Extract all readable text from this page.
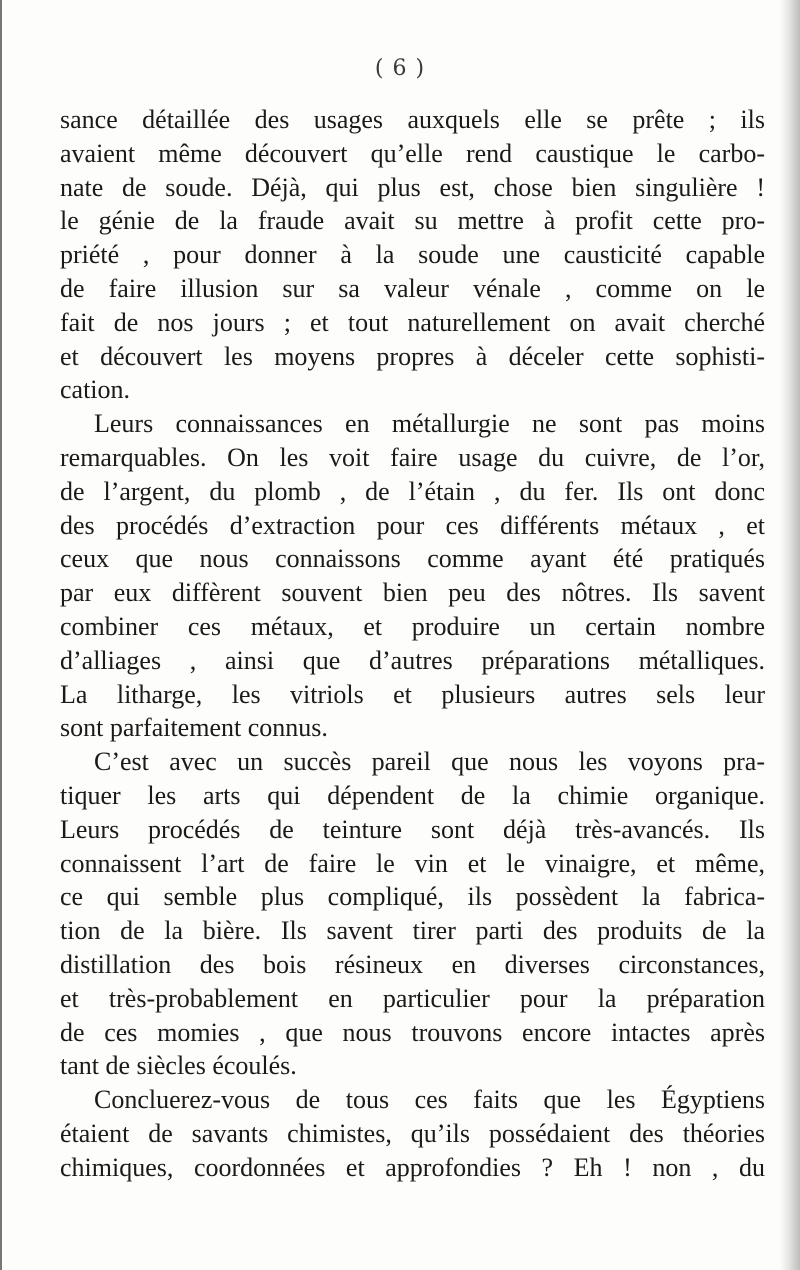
( 6 )
sance détaillée des usages auxquels elle se prête ; ils
avaient même découvert qu’elle rend caustique le carbo-
nate de soude. Déjà, qui plus est, chose bien singulière !
le génie de la fraude avait su mettre à profit cette pro-
priété , pour donner à la soude une causticité capable
de faire illusion sur sa valeur vénale , comme on le
fait de nos jours ; et tout naturellement on avait cherché
et découvert les moyens propres à déceler cette sophisti-
cation.
Leurs connaissances en métallurgie ne sont pas moins
remarquables. On les voit faire usage du cuivre, de l’or,
de l’argent, du plomb , de l’étain , du fer. Ils ont donc
des procédés d’extraction pour ces différents métaux , et
ceux que nous connaissons comme ayant été pratiqués
par eux diffèrent souvent bien peu des nôtres. Ils savent
combiner ces métaux, et produire un certain nombre
d’alliages , ainsi que d’autres préparations métalliques.
La litharge, les vitriols et plusieurs autres sels leur
sont parfaitement connus.
C’est avec un succès pareil que nous les voyons pra-
tiquer les arts qui dépendent de la chimie organique.
Leurs procédés de teinture sont déjà très-avancés. Ils
connaissent l’art de faire le vin et le vinaigre, et même,
ce qui semble plus compliqué, ils possèdent la fabrica-
tion de la bière. Ils savent tirer parti des produits de la
distillation des bois résineux en diverses circonstances,
et très-probablement en particulier pour la préparation
de ces momies , que nous trouvons encore intactes après
tant de siècles écoulés.
Concluerez-vous de tous ces faits que les Égyptiens
étaient de savants chimistes, qu’ils possédaient des théories
chimiques, coordonnées et approfondies ? Eh ! non , du
